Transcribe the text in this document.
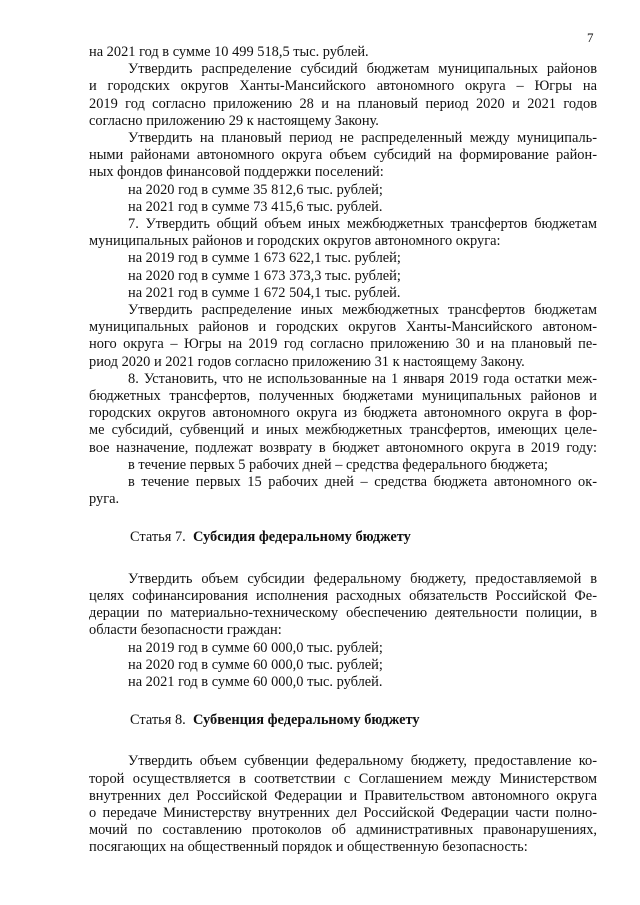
7
на 2021 год в сумме 10 499 518,5 тыс. рублей.
Утвердить распределение субсидий бюджетам муниципальных районов
и городских округов Ханты-Мансийского автономного округа – Югры на
2019 год согласно приложению 28 и на плановый период 2020 и 2021 годов
согласно приложению 29 к настоящему Закону.
Утвердить на плановый период не распределенный между муниципаль-
ными районами автономного округа объем субсидий на формирование район-
ных фондов финансовой поддержки поселений:
на 2020 год в сумме 35 812,6 тыс. рублей;
на 2021 год в сумме 73 415,6 тыс. рублей.
7. Утвердить общий объем иных межбюджетных трансфертов бюджетам
муниципальных районов и городских округов автономного округа:
на 2019 год в сумме 1 673 622,1 тыс. рублей;
на 2020 год в сумме 1 673 373,3 тыс. рублей;
на 2021 год в сумме 1 672 504,1 тыс. рублей.
Утвердить распределение иных межбюджетных трансфертов бюджетам
муниципальных районов и городских округов Ханты-Мансийского автоном-
ного округа – Югры на 2019 год согласно приложению 30 и на плановый пе-
риод 2020 и 2021 годов согласно приложению 31 к настоящему Закону.
8. Установить, что не использованные на 1 января 2019 года остатки меж-
бюджетных трансфертов, полученных бюджетами муниципальных районов и
городских округов автономного округа из бюджета автономного округа в фор-
ме субсидий, субвенций и иных межбюджетных трансфертов, имеющих целе-
вое назначение, подлежат возврату в бюджет автономного округа в 2019 году:
в течение первых 5 рабочих дней – средства федерального бюджета;
в течение первых 15 рабочих дней – средства бюджета автономного ок-
руга.
Статья 7. Субсидия федеральному бюджету
Утвердить объем субсидии федеральному бюджету, предоставляемой в
целях софинансирования исполнения расходных обязательств Российской Фе-
дерации по материально-техническому обеспечению деятельности полиции, в
области безопасности граждан:
на 2019 год в сумме 60 000,0 тыс. рублей;
на 2020 год в сумме 60 000,0 тыс. рублей;
на 2021 год в сумме 60 000,0 тыс. рублей.
Статья 8. Субвенция федеральному бюджету
Утвердить объем субвенции федеральному бюджету, предоставление ко-
торой осуществляется в соответствии с Соглашением между Министерством
внутренних дел Российской Федерации и Правительством автономного округа
о передаче Министерству внутренних дел Российской Федерации части полно-
мочий по составлению протоколов об административных правонарушениях,
посягающих на общественный порядок и общественную безопасность:
